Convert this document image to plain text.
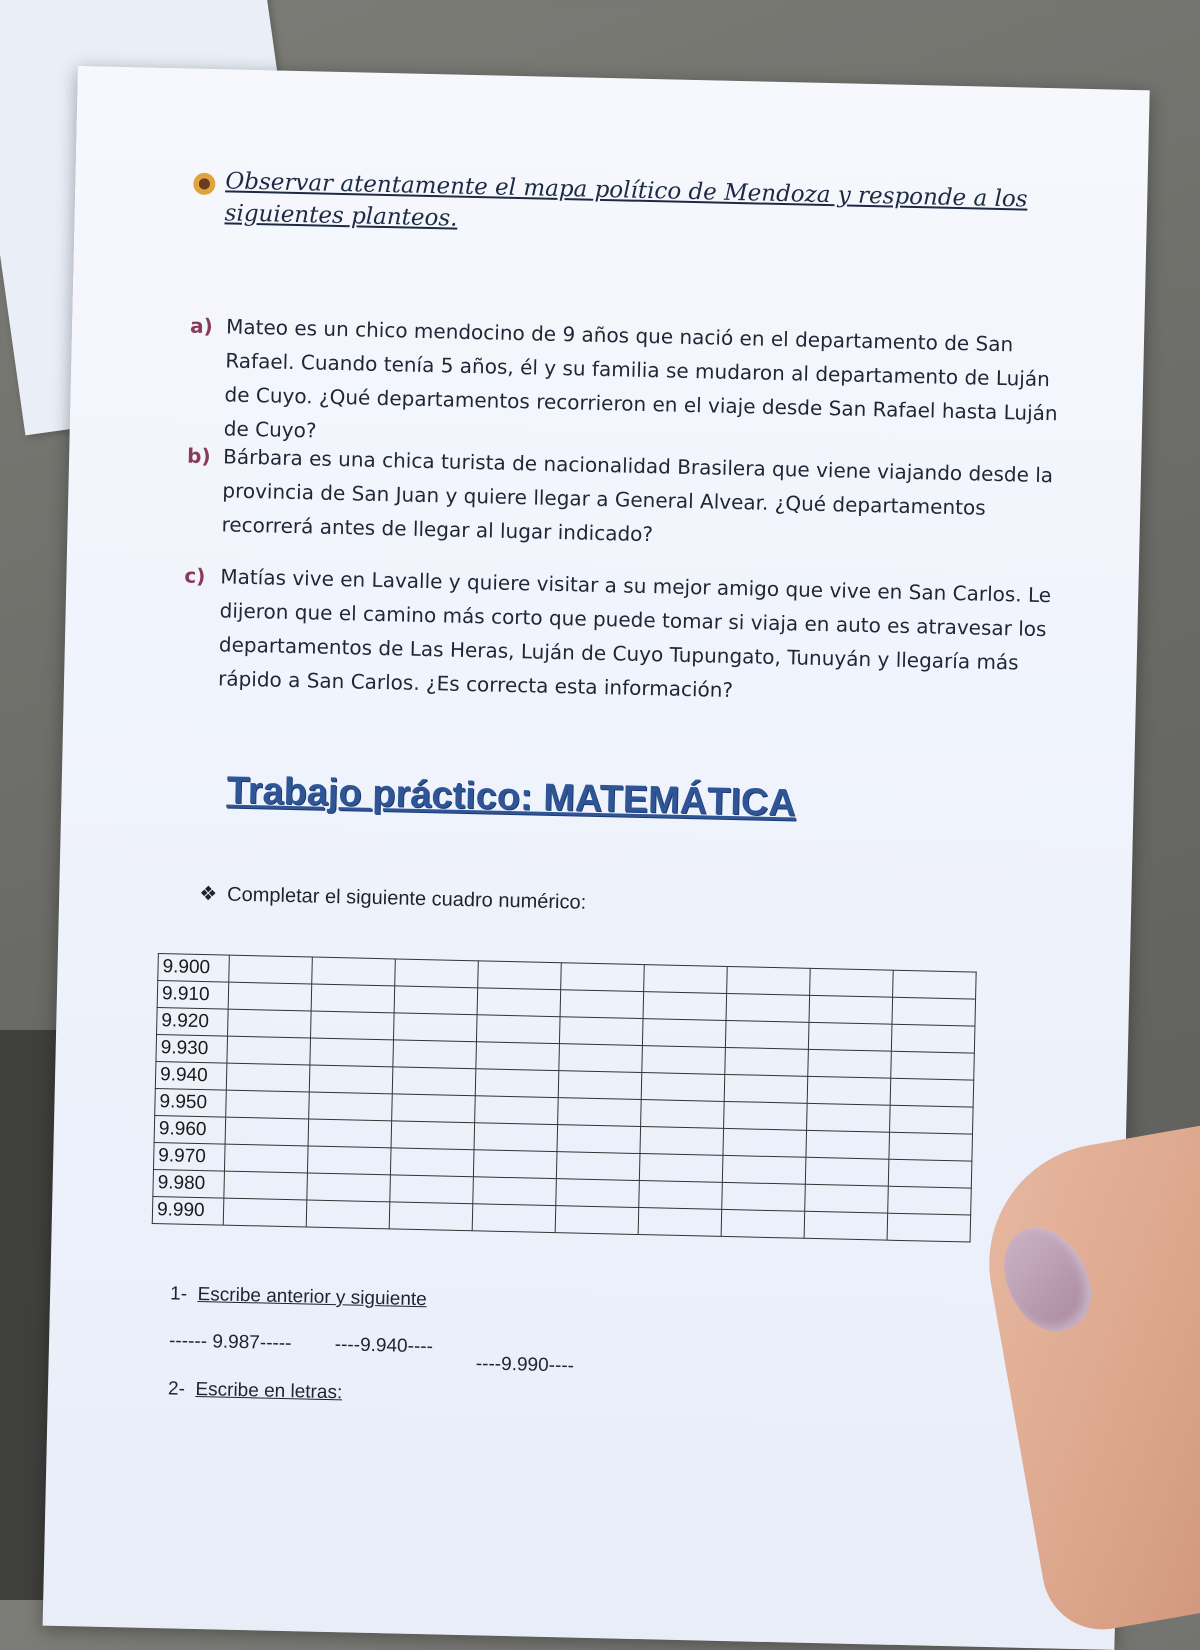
Observar atentamente el mapa político de Mendoza y responde a los siguientes planteos.
a) Mateo es un chico mendocino de 9 años que nació en el departamento de San Rafael. Cuando tenía 5 años, él y su familia se mudaron al departamento de Luján de Cuyo. ¿Qué departamentos recorrieron en el viaje desde San Rafael hasta Luján de Cuyo?
b) Bárbara es una chica turista de nacionalidad Brasilera que viene viajando desde la provincia de San Juan y quiere llegar a General Alvear. ¿Qué departamentos recorrerá antes de llegar al lugar indicado?
c) Matías vive en Lavalle y quiere visitar a su mejor amigo que vive en San Carlos. Le dijeron que el camino más corto que puede tomar si viaja en auto es atravesar los departamentos de Las Heras, Luján de Cuyo Tupungato, Tunuyán y llegaría más rápido a San Carlos. ¿Es correcta esta información?
Trabajo práctico: MATEMÁTICA
❖ Completar el siguiente cuadro numérico:
9.900									
9.910									
9.920									
9.930									
9.940									
9.950									
9.960									
9.970									
9.980									
9.990									
1- Escribe anterior y siguiente
------ 9.987----- ----9.940---- ----9.990----
2- Escribe en letras:
